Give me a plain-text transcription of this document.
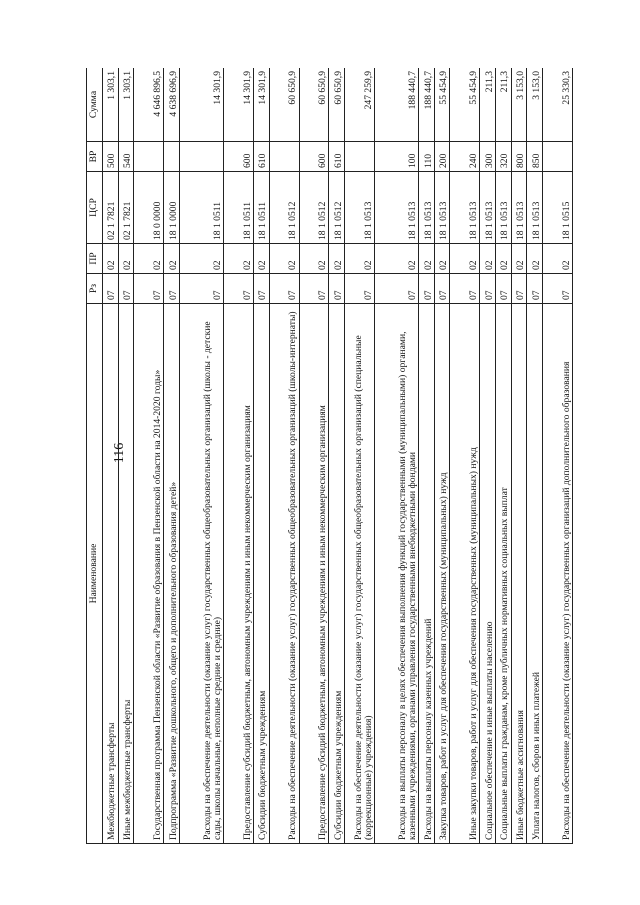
116
Наименование	Рз	ПР	ЦСР	ВР	Сумма
Межбюджетные трансферты	07	02	02 1 7821	500	1 303,1
Иные межбюджетные трансферты	07	02	02 1 7821	540	1 303,1
Государственная программа Пензенской области «Развитие образования в Пензенской области на 2014-2020 годы»	07	02	18 0 0000		4 646 896,5
Подпрограмма «Развитие дошкольного, общего и дополнительного образования детей»	07	02	18 1 0000		4 638 696,9
Расходы на обеспечение деятельности (оказание услуг) государственных общеобразовательных организаций (школы - детские сады, школы начальные, неполные средние и средние)	07	02	18 1 0511		14 301,9
Предоставление субсидий бюджетным, автономным учреждениям и иным некоммерческим организациям	07	02	18 1 0511	600	14 301,9
Субсидии бюджетным учреждениям	07	02	18 1 0511	610	14 301,9
Расходы на обеспечение деятельности (оказание услуг) государственных общеобразовательных организаций (школы-интернаты)	07	02	18 1 0512		60 650,9
Предоставление субсидий бюджетным, автономным учреждениям и иным некоммерческим организациям	07	02	18 1 0512	600	60 650,9
Субсидии бюджетным учреждениям	07	02	18 1 0512	610	60 650,9
Расходы на обеспечение деятельности (оказание услуг) государственных общеобразовательных организаций (специальные (коррекционные) учреждения)	07	02	18 1 0513		247 259,9
Расходы на выплаты персоналу в целях обеспечения выполнения функций государственными (муниципальными) органами, казенными учреждениями, органами управления государственными внебюджетными фондами	07	02	18 1 0513	100	188 440,7
Расходы на выплаты персоналу казенных учреждений	07	02	18 1 0513	110	188 440,7
Закупка товаров, работ и услуг для обеспечения государственных (муниципальных) нужд	07	02	18 1 0513	200	55 454,9
Иные закупки товаров, работ и услуг для обеспечения государственных (муниципальных) нужд	07	02	18 1 0513	240	55 454,9
Социальное обеспечение и иные выплаты населению	07	02	18 1 0513	300	211,3
Социальные выплаты гражданам, кроме публичных нормативных социальных выплат	07	02	18 1 0513	320	211,3
Иные бюджетные ассигнования	07	02	18 1 0513	800	3 153,0
Уплата налогов, сборов и иных платежей	07	02	18 1 0513	850	3 153,0
Расходы на обеспечение деятельности (оказание услуг) государственных организаций дополнительного образования	07	02	18 1 0515		25 330,3
